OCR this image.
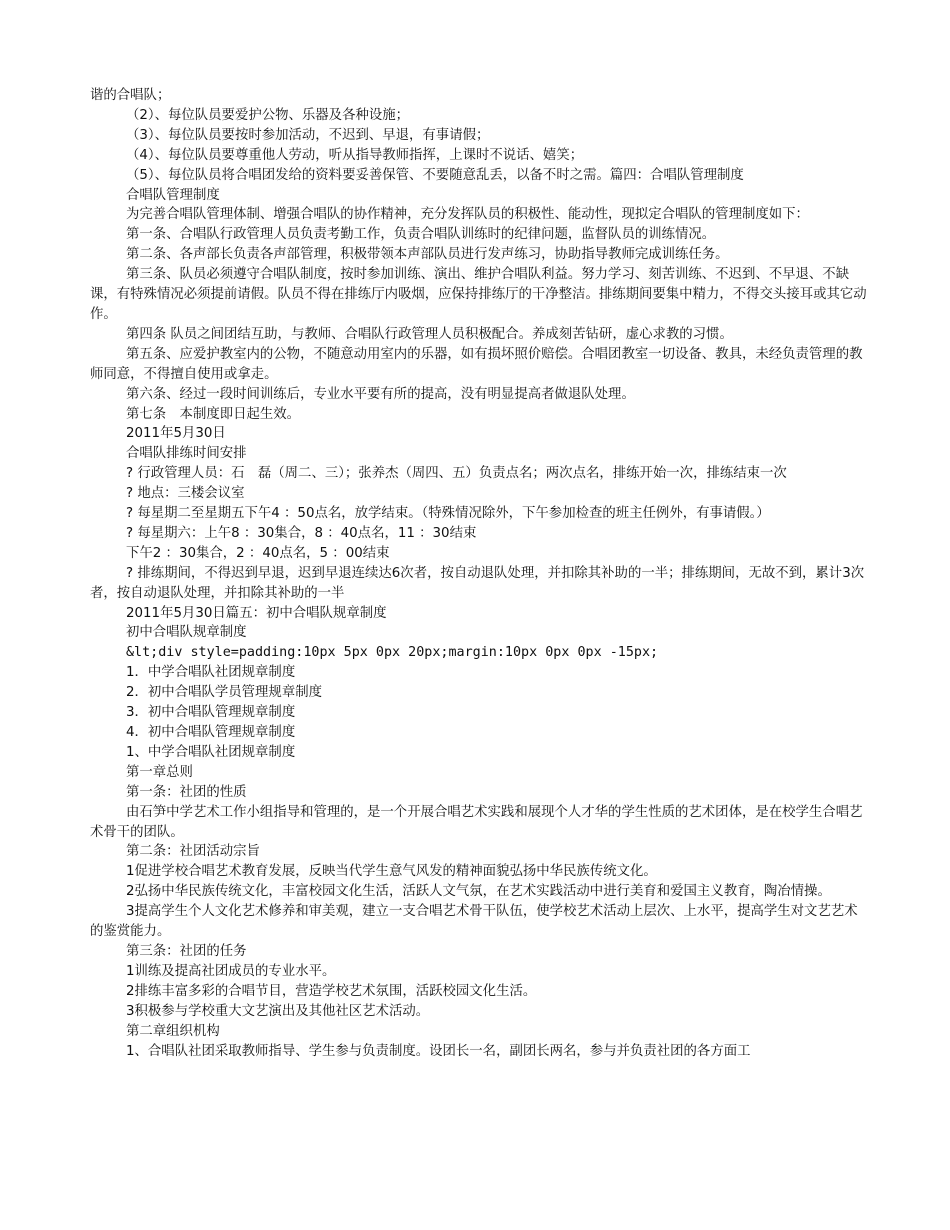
谐的合唱队；

（2）、每位队员要爱护公物、乐器及各种设施；

（3）、每位队员要按时参加活动，不迟到、早退，有事请假；

（4）、每位队员要尊重他人劳动，听从指导教师指挥，上课时不说话、嬉笑；

（5）、每位队员将合唱团发给的资料要妥善保管、不要随意乱丢，以备不时之需。篇四：合唱队管理制度

合唱队管理制度

为完善合唱队管理体制、增强合唱队的协作精神，充分发挥队员的积极性、能动性，现拟定合唱队的管理制度如下：

第一条、合唱队行政管理人员负责考勤工作，负责合唱队训练时的纪律问题，监督队员的训练情况。

第二条、各声部长负责各声部管理，积极带领本声部队员进行发声练习，协助指导教师完成训练任务。

第三条、队员必须遵守合唱队制度，按时参加训练、演出、维护合唱队利益。努力学习、刻苦训练、不迟到、不早退、不缺课，有特殊情况必须提前请假。队员不得在排练厅内吸烟，应保持排练厅的干净整洁。排练期间要集中精力，不得交头接耳或其它动作。

第四条 队员之间团结互助，与教师、合唱队行政管理人员积极配合。养成刻苦钻研，虚心求教的习惯。

第五条、应爱护教室内的公物，不随意动用室内的乐器，如有损坏照价赔偿。合唱团教室一切设备、教具，未经负责管理的教师同意，不得擅自使用或拿走。

第六条、经过一段时间训练后，专业水平要有所的提高，没有明显提高者做退队处理。

第七条　本制度即日起生效。

2011年5月30日

合唱队排练时间安排

? 行政管理人员：石　磊（周二、三）；张养杰（周四、五）负责点名；两次点名，排练开始一次，排练结束一次

? 地点：三楼会议室

? 每星期二至星期五下午4 ：50点名，放学结束。（特殊情况除外，下午参加检查的班主任例外，有事请假。）

? 每星期六：上午8 ：30集合，8 ：40点名，11 ：30结束

下午2 ：30集合，2 ：40点名，5 ：00结束

? 排练期间，不得迟到早退，迟到早退连续达6次者，按自动退队处理，并扣除其补助的一半；排练期间，无故不到，累计3次者，按自动退队处理，并扣除其补助的一半

2011年5月30日篇五：初中合唱队规章制度

初中合唱队规章制度

&lt;div style=padding:10px 5px 0px 20px;margin:10px 0px 0px -15px;

1．中学合唱队社团规章制度

2．初中合唱队学员管理规章制度

3．初中合唱队管理规章制度

4．初中合唱队管理规章制度

1、中学合唱队社团规章制度

第一章总则

第一条：社团的性质

由石笋中学艺术工作小组指导和管理的，是一个开展合唱艺术实践和展现个人才华的学生性质的艺术团体，是在校学生合唱艺术骨干的团队。

第二条：社团活动宗旨

1促进学校合唱艺术教育发展，反映当代学生意气风发的精神面貌弘扬中华民族传统文化。

2弘扬中华民族传统文化，丰富校园文化生活，活跃人文气氛，在艺术实践活动中进行美育和爱国主义教育，陶冶情操。

3提高学生个人文化艺术修养和审美观，建立一支合唱艺术骨干队伍，使学校艺术活动上层次、上水平，提高学生对文艺艺术的鉴赏能力。

第三条：社团的任务

1训练及提高社团成员的专业水平。

2排练丰富多彩的合唱节目，营造学校艺术氛围，活跃校园文化生活。

3积极参与学校重大文艺演出及其他社区艺术活动。

第二章组织机构

1、合唱队社团采取教师指导、学生参与负责制度。设团长一名，副团长两名，参与并负责社团的各方面工
